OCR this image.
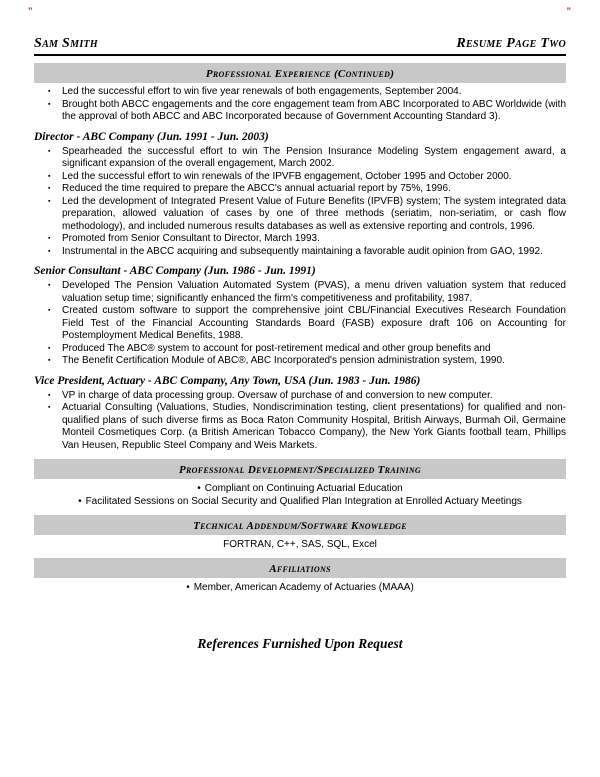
”	”
Sam Smith	Resume Page Two
Professional Experience (Continued)
▪	Led the successful effort to win five year renewals of both engagements, September 2004.
▪	Brought both ABCC engagements and the core engagement team from ABC Incorporated to ABC Worldwide (with the approval of both ABCC and ABC Incorporated because of Government Accounting Standard 3).
Director - ABC Company (Jun. 1991 - Jun. 2003)
▪	Spearheaded the successful effort to win The Pension Insurance Modeling System engagement award, a significant expansion of the overall engagement, March 2002.
▪	Led the successful effort to win renewals of the IPVFB engagement, October 1995 and October 2000.
▪	Reduced the time required to prepare the ABCC's annual actuarial report by 75%, 1996.
▪	Led the development of Integrated Present Value of Future Benefits (IPVFB) system; The system integrated data preparation, allowed valuation of cases by one of three methods (seriatim, non-seriatim, or cash flow methodology), and included numerous results databases as well as extensive reporting and controls, 1996.
▪	Promoted from Senior Consultant to Director, March 1993.
▪	Instrumental in the ABCC acquiring and subsequently maintaining a favorable audit opinion from GAO, 1992.
Senior Consultant - ABC Company (Jun. 1986 - Jun. 1991)
▪	Developed The Pension Valuation Automated System (PVAS), a menu driven valuation system that reduced valuation setup time; significantly enhanced the firm's competitiveness and profitability, 1987.
▪	Created custom software to support the comprehensive joint CBL/Financial Executives Research Foundation Field Test of the Financial Accounting Standards Board (FASB) exposure draft 106 on Accounting for Postemployment Medical Benefits, 1988.
▪	Produced The ABC® system to account for post-retirement medical and other group benefits and
▪	The Benefit Certification Module of ABC®, ABC Incorporated's pension administration system, 1990.
Vice President, Actuary - ABC Company, Any Town, USA (Jun. 1983 - Jun. 1986)
▪	VP in charge of data processing group. Oversaw of purchase of and conversion to new computer.
▪	Actuarial Consulting (Valuations, Studies, Nondiscrimination testing, client presentations) for qualified and non-qualified plans of such diverse firms as Boca Raton Community Hospital, British Airways, Burmah Oil, Germaine Monteil Cosmetiques Corp. (a British American Tobacco Company), the New York Giants football team, Phillips Van Heusen, Republic Steel Company and Weis Markets.
Professional Development/Specialized Training
• Compliant on Continuing Actuarial Education
• Facilitated Sessions on Social Security and Qualified Plan Integration at Enrolled Actuary Meetings
Technical Addendum/Software Knowledge
FORTRAN, C++, SAS, SQL, Excel
Affiliations
• Member, American Academy of Actuaries (MAAA)
References Furnished Upon Request
